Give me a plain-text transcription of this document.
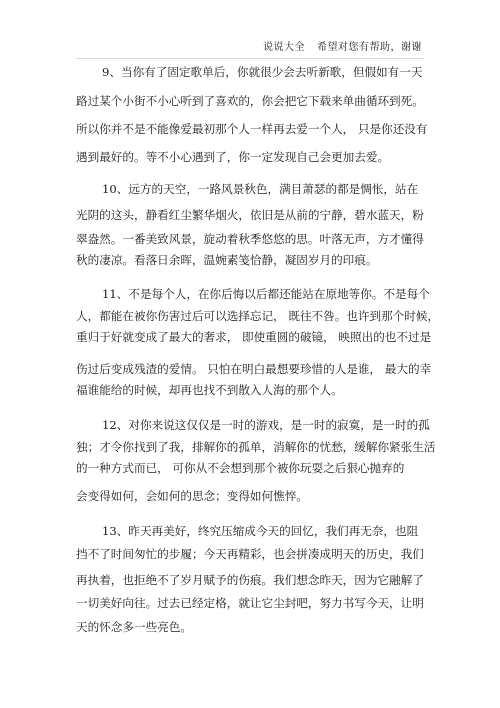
说说大全 希望对您有帮助，谢谢
9、当你有了固定歌单后，你就很少会去听新歌，但假如有一天
路过某个小街不小心听到了喜欢的，你会把它下载来单曲循环到死。
所以你并不是不能像爱最初那个人一样再去爱一个人， 只是你还没有
遇到最好的。等不小心遇到了，你一定发现自己会更加去爱。
10、远方的天空，一路风景秋色，满目萧瑟的都是惆怅，站在
光阴的这头，静看红尘繁华烟火，依旧是从前的宁静，碧水蓝天，粉
翠盎然。一番美致风景，旋动着秋季悠悠的思。叶落无声，方才懂得
秋的凄凉。看落日余晖，温婉素笺恰静，凝固岁月的印痕。
11、不是每个人，在你后悔以后都还能站在原地等你。不是每个
人，都能在被你伤害过后可以选择忘记， 既往不咎。也许到那个时候，
重归于好就变成了最大的奢求， 即使重圆的破镜， 映照出的也不过是
伤过后变成残渣的爱情。 只怕在明白最想要珍惜的人是谁， 最大的幸
福谁能给的时候，却再也找不到散入人海的那个人。
12、对你来说这仅仅是一时的游戏，是一时的寂寞，是一时的孤
独；才令你找到了我，排解你的孤单，消解你的忧愁，缓解你紧张生活
的一种方式而已， 可你从不会想到那个被你玩耍之后狠心抛弃的
会变得如何，会如何的思念；变得如何憔悴。
13、昨天再美好，终究压缩成今天的回忆，我们再无奈，也阻
挡不了时间匆忙的步履；今天再精彩，也会拼凑成明天的历史，我们
再执着，也拒绝不了岁月赋予的伤痕。我们想念昨天，因为它融解了
一切美好向往。过去已经定格，就让它尘封吧，努力书写今天，让明
天的怀念多一些亮色。
